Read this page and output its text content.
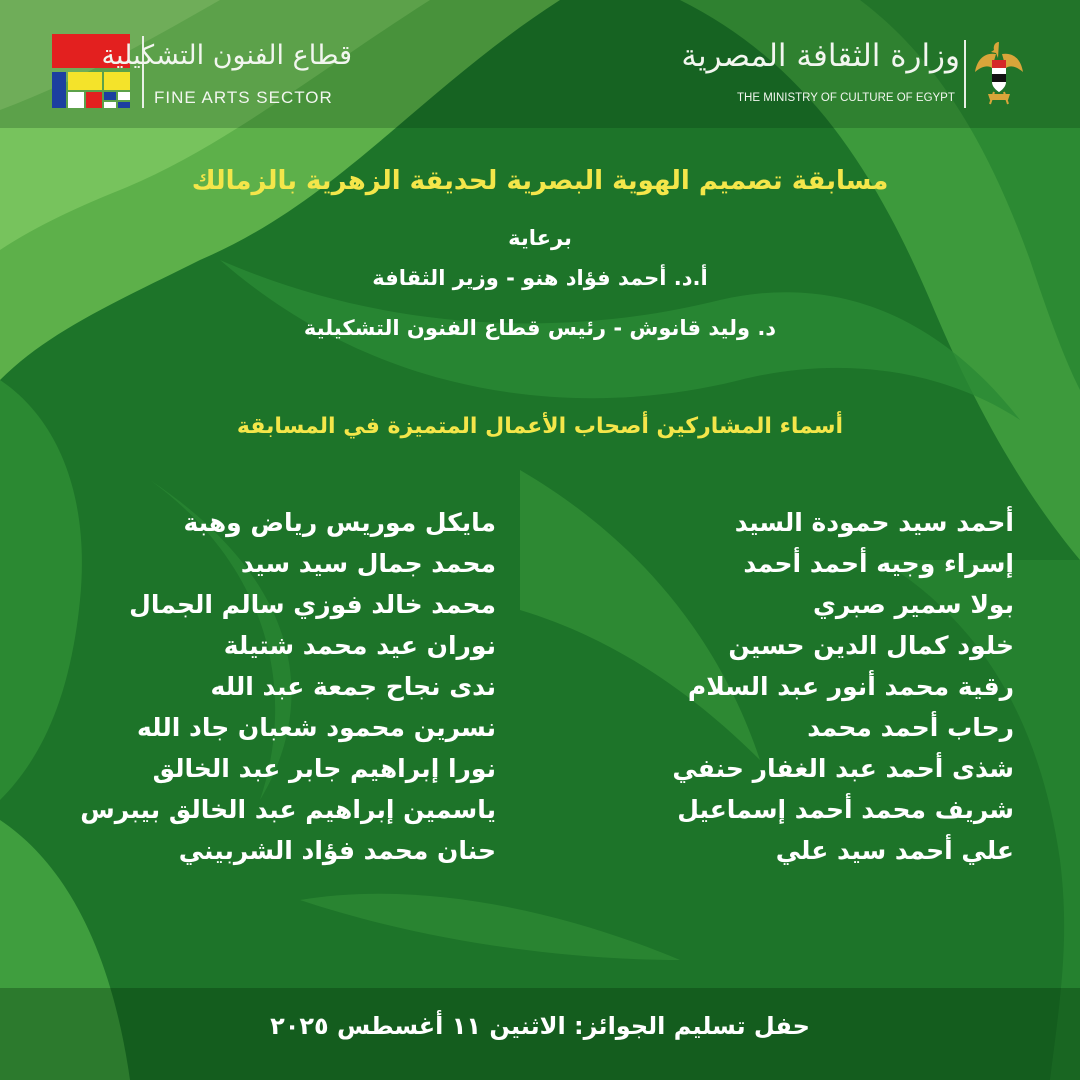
قطاع الفنون التشكيلية
FINE ARTS SECTOR
وزارة الثقافة المصرية
THE MINISTRY OF CULTURE OF EGYPT
مسابقة تصميم الهوية البصرية لحديقة الزهرية بالزمالك
برعاية
أ.د. أحمد فؤاد هنو - وزير الثقافة
د. وليد قانوش - رئيس قطاع الفنون التشكيلية
أسماء المشاركين أصحاب الأعمال المتميزة في المسابقة
أحمد سيد حمودة السيد
إسراء وجيه أحمد أحمد
بولا سمير صبري
خلود كمال الدين حسين
رقية محمد أنور عبد السلام
رحاب أحمد محمد
شذى أحمد عبد الغفار حنفي
شريف محمد أحمد إسماعيل
علي أحمد سيد علي
مايكل موريس رياض وهبة
محمد جمال سيد سيد
محمد خالد فوزي سالم الجمال
نوران عيد محمد شتيلة
ندى نجاح جمعة عبد الله
نسرين محمود شعبان جاد الله
نورا إبراهيم جابر عبد الخالق
ياسمين إبراهيم عبد الخالق بيبرس
حنان محمد فؤاد الشربيني
حفل تسليم الجوائز: الاثنين ١١ أغسطس ٢٠٢٥
